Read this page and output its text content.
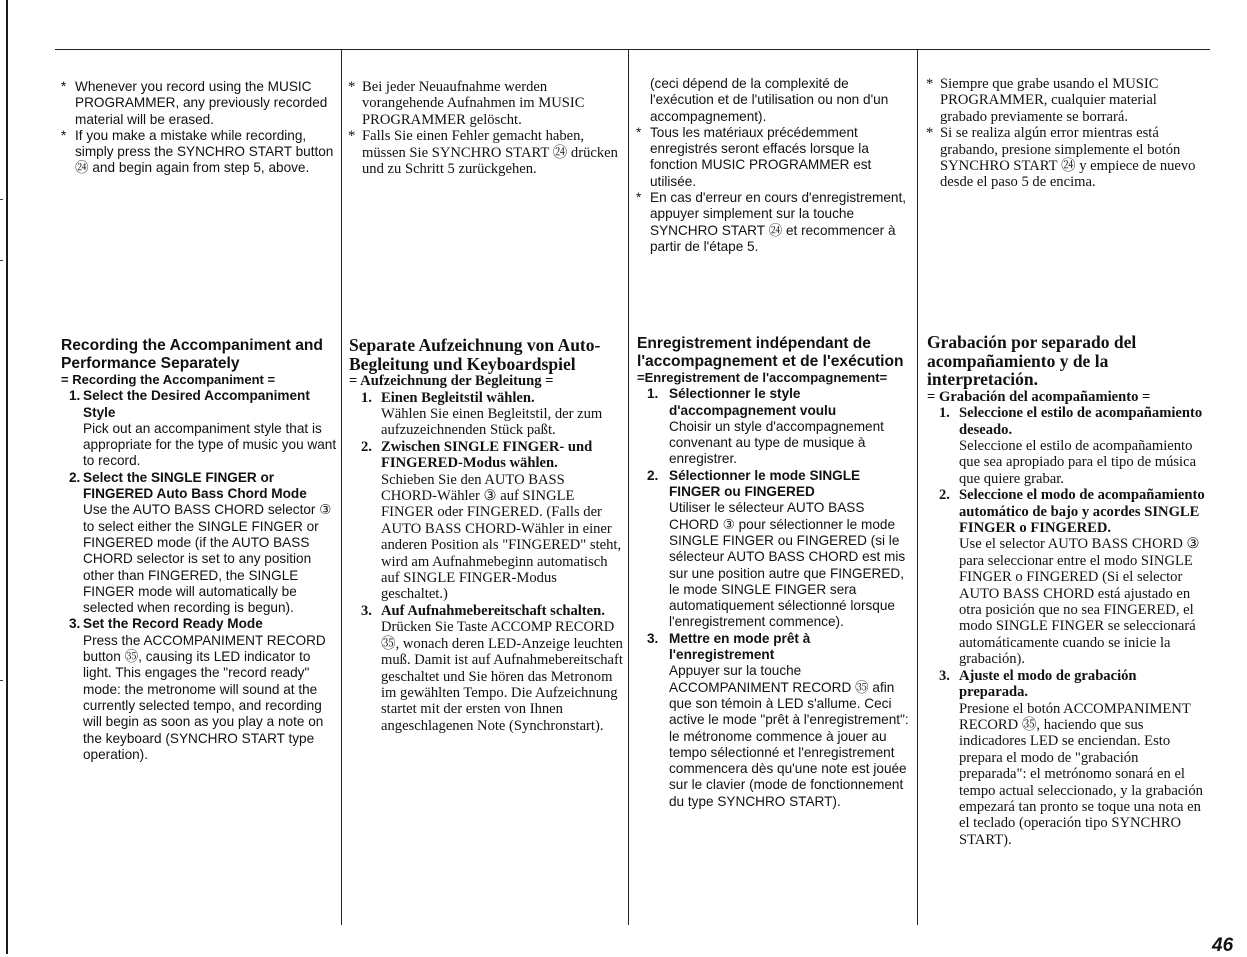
* Whenever you record using the MUSIC PROGRAMMER, any previously recorded material will be erased.
* If you make a mistake while recording, simply press the SYNCHRO START button ㉔ and begin again from step 5, above.

Recording the Accompaniment and Performance Separately

= Recording the Accompaniment =

1. Select the Desired Accompaniment Style
Pick out an accompaniment style that is appropriate for the type of music you want to record.
2. Select the SINGLE FINGER or FINGERED Auto Bass Chord Mode
Use the AUTO BASS CHORD selector ③ to select either the SINGLE FINGER or FINGERED mode (if the AUTO BASS CHORD selector is set to any position other than FINGERED, the SINGLE FINGER mode will automatically be selected when recording is begun).
3. Set the Record Ready Mode
Press the ACCOMPANIMENT RECORD button ㉟, causing its LED indicator to light. This engages the "record ready" mode: the metronome will sound at the currently selected tempo, and recording will begin as soon as you play a note on the keyboard (SYNCHRO START type operation).
* Bei jeder Neuaufnahme werden vorangehende Aufnahmen im MUSIC PROGRAMMER gelöscht.
* Falls Sie einen Fehler gemacht haben, müssen Sie SYNCHRO START ㉔ drücken und zu Schritt 5 zurückgehen.

Separate Aufzeichnung von Auto-Begleitung und Keyboardspiel

= Aufzeichnung der Begleitung =

1. Einen Begleitstil wählen.
Wählen Sie einen Begleitstil, der zum aufzuzeichnenden Stück paßt.
2. Zwischen SINGLE FINGER- und FINGERED-Modus wählen.
Schieben Sie den AUTO BASS CHORD-Wähler ③ auf SINGLE FINGER oder FINGERED. (Falls der AUTO BASS CHORD-Wähler in einer anderen Position als "FINGERED" steht, wird am Aufnahmebeginn automatisch auf SINGLE FINGER-Modus geschaltet.)
3. Auf Aufnahmebereitschaft schalten.
Drücken Sie Taste ACCOMP RECORD ㉟, wonach deren LED-Anzeige leuchten muß. Damit ist auf Aufnahmebereitschaft geschaltet und Sie hören das Metronom im gewählten Tempo. Die Aufzeichnung startet mit der ersten von Ihnen angeschlagenen Note (Synchronstart).
(ceci dépend de la complexité de l'exécution et de l'utilisation ou non d'un accompagnement).
* Tous les matériaux précédemment enregistrés seront effacés lorsque la fonction MUSIC PROGRAMMER est utilisée.
* En cas d'erreur en cours d'enregistrement, appuyer simplement sur la touche SYNCHRO START ㉔ et recommencer à partir de l'étape 5.

Enregistrement indépendant de l'accompagnement et de l'exécution

=Enregistrement de l'accompagnement=

1. Sélectionner le style d'accompagnement voulu
Choisir un style d'accompagnement convenant au type de musique à enregistrer.
2. Sélectionner le mode SINGLE FINGER ou FINGERED
Utiliser le sélecteur AUTO BASS CHORD ③ pour sélectionner le mode SINGLE FINGER ou FINGERED (si le sélecteur AUTO BASS CHORD est mis sur une position autre que FINGERED, le mode SINGLE FINGER sera automatiquement sélectionné lorsque l'enregistrement commence).
3. Mettre en mode prêt à l'enregistrement
Appuyer sur la touche ACCOMPANIMENT RECORD ㉟ afin que son témoin à LED s'allume. Ceci active le mode "prêt à l'enregistrement": le métronome commence à jouer au tempo sélectionné et l'enregistrement commencera dès qu'une note est jouée sur le clavier (mode de fonctionnement du type SYNCHRO START).
* Siempre que grabe usando el MUSIC PROGRAMMER, cualquier material grabado previamente se borrará.
* Si se realiza algún error mientras está grabando, presione simplemente el botón SYNCHRO START ㉔ y empiece de nuevo desde el paso 5 de encima.

Grabación por separado del acompañamiento y de la interpretación.

= Grabación del acompañamiento =

1. Seleccione el estilo de acompañamiento deseado.
Seleccione el estilo de acompañamiento que sea apropiado para el tipo de música que quiere grabar.
2. Seleccione el modo de acompañamiento automático de bajo y acordes SINGLE FINGER o FINGERED.
Use el selector AUTO BASS CHORD ③ para seleccionar entre el modo SINGLE FINGER o FINGERED (Si el selector AUTO BASS CHORD está ajustado en otra posición que no sea FINGERED, el modo SINGLE FINGER se seleccionará automáticamente cuando se inicie la grabación).
3. Ajuste el modo de grabación preparada.
Presione el botón ACCOMPANIMENT RECORD ㉟, haciendo que sus indicadores LED se enciendan. Esto prepara el modo de "grabación preparada": el metrónomo sonará en el tempo actual seleccionado, y la grabación empezará tan pronto se toque una nota en el teclado (operación tipo SYNCHRO START).
46
